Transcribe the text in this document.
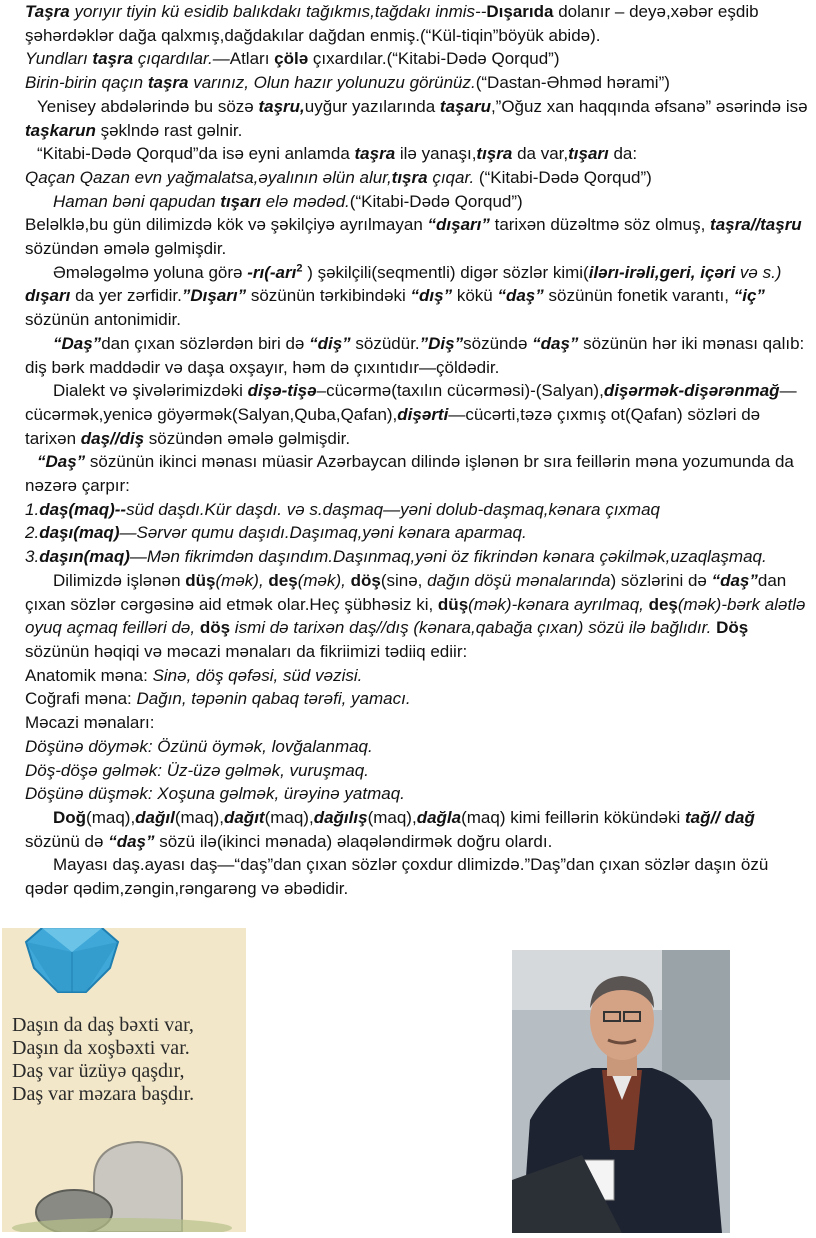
Taşra yorıyır tiyin kü esidib balıkdakı tağıkmıs,tağdakı inmis--Dışarıda dolanır – deyə,xəbər eşdib şəhərdəklər dağa qalxmış,dağdakılar dağdan enmiş.(“Kül-tiqin”böyük abidə).

Yundları taşra çıqardılar.—Atları çölə çıxardılar.(“Kitabi-Dədə Qorqud”)

Birin-birin qaçın taşra varınız, Olun hazır yolunuzu görünüz.(“Dastan-Əhməd hərami”)

Yenisey abdələrində bu sözə taşru,uyğur yazılarında taşaru,”Oğuz xan haqqında əfsanə” əsərində isə taşkarun şəklndə rast gəlnir.

“Kitabi-Dədə Qorqud”da isə eyni anlamda taşra ilə yanaşı,tışra da var,tışarı da:

Qaçan Qazan evn yağmalatsa,əyalının əlün alur,tışra çıqar. (“Kitabi-Dədə Qorqud”)

Haman bəni qapudan tışarı elə mədəd.(“Kitabi-Dədə Qorqud”)

Beləlklə,bu gün dilimizdə kök və şəkilçiyə ayrılmayan “dışarı” tarixən düzəltmə söz olmuş, taşra//taşru sözündən əmələ gəlmişdir.

Əmələgəlmə yoluna görə -rı(-arı$^2$ ) şəkilçili(seqmentli) digər sözlər kimi(ilərı-irəli,geri, içəri və s.) dışarı da yer zərfidir.”Dışarı” sözünün tərkibindəki “dış” kökü “daş” sözünün fonetik varantı, “iç” sözünün antonimidir.

“Daş”dan çıxan sözlərdən biri də “diş” sözüdür.”Diş”sözündə “daş” sözünün hər iki mənası qalıb: diş bərk maddədir və daşa oxşayır, həm də çıxıntıdır—çöldədir.

Dialekt və şivələrimizdəki dişə-tişə–cücərmə(taxılın cücərməsi)-(Salyan),dişərmək-dişərənmağ—cücərmək,yenicə göyərmək(Salyan,Quba,Qafan),dişərti—cücərti,təzə çıxmış ot(Qafan) sözləri də tarixən daş//diş sözündən əmələ gəlmişdir.

“Daş” sözünün ikinci mənası müasir Azərbaycan dilində işlənən br sıra feillərin məna yozumunda da nəzərə çarpır:

1.daş(maq)--süd daşdı.Kür daşdı. və s.daşmaq—yəni dolub-daşmaq,kənara çıxmaq

2.daşı(maq)—Sərvər qumu daşıdı.Daşımaq,yəni kənara aparmaq.

3.daşın(maq)—Mən fikrimdən daşındım.Daşınmaq,yəni öz fikrindən kənara çəkilmək,uzaqlaşmaq.

Dilimizdə işlənən düş(mək), deş(mək), döş(sinə, dağın döşü mənalarında) sözlərini də “daş”dan çıxan sözlər cərgəsinə aid etmək olar.Heç şübhəsiz ki, düş(mək)-kənara ayrılmaq, deş(mək)-bərk alətlə oyuq açmaq feilləri də, döş ismi də tarixən daş//dış (kənara,qabağa çıxan) sözü ilə bağlıdır. Döş sözünün həqiqi və məcazi mənaları da fikriimizi tədiiq ediir:

Anatomik məna: Sinə, döş qəfəsi, süd vəzisi.

Coğrafi məna: Dağın, təpənin qabaq tərəfi, yamacı.

Məcazi mənaları:

Döşünə döymək: Özünü öymək, lovğalanmaq.

Döş-döşə gəlmək: Üz-üzə gəlmək, vuruşmaq.

Döşünə düşmək: Xoşuna gəlmək, ürəyinə yatmaq.

Doğ(maq),dağıl(maq),dağıt(maq),dağılış(maq),dağla(maq) kimi feillərin kökündəki tağ// dağ sözünü də “daş” sözü ilə(ikinci mənada) əlaqələndirmək doğru olardı.

Mayası daş.ayası daş—“daş”dan çıxan sözlər çoxdur dlimizdə.”Daş”dan çıxan sözlər daşın özü qədər qədim,zəngin,rəngarəng və əbədidir.

Daşın da daş bəxti var,
Daşın da xoşbəxti var.
Daş var üzüyə qaşdır,
Daş var məzara başdır.
